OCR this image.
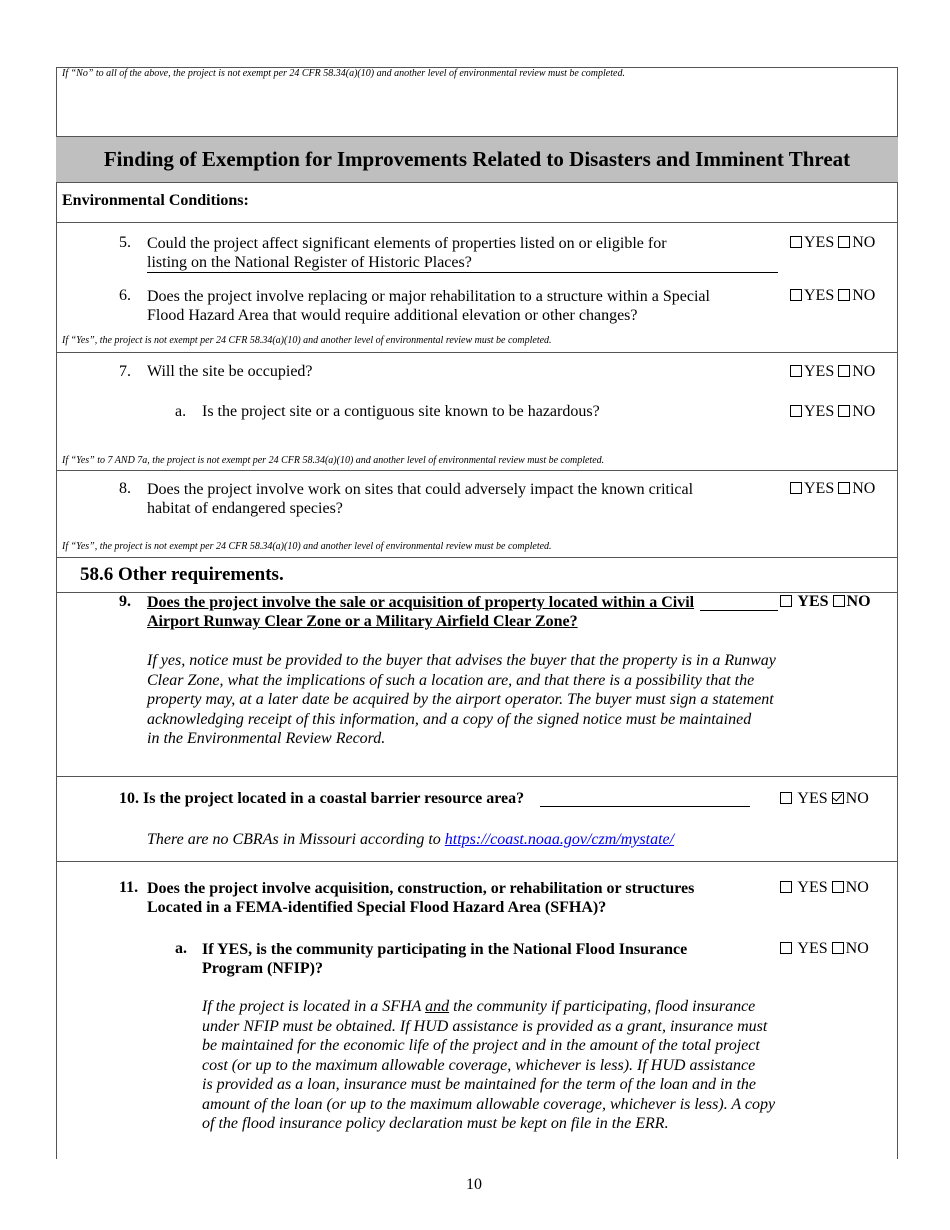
If “No” to all of the above, the project is not exempt per 24 CFR 58.34(a)(10) and another level of environmental review must be completed.
Finding of Exemption for Improvements Related to Disasters and Imminent Threat
Environmental Conditions:
5. Could the project affect significant elements of properties listed on or eligible for
listing on the National Register of Historic Places?
YES NO
6. Does the project involve replacing or major rehabilitation to a structure within a Special
Flood Hazard Area that would require additional elevation or other changes?
YES NO
If “Yes”, the project is not exempt per 24 CFR 58.34(a)(10) and another level of environmental review must be completed.
7. Will the site be occupied?	YES NO
a. Is the project site or a contiguous site known to be hazardous?	YES NO
If “Yes” to 7 AND 7a, the project is not exempt per 24 CFR 58.34(a)(10) and another level of environmental review must be completed.
8. Does the project involve work on sites that could adversely impact the known critical
habitat of endangered species?
YES NO
If “Yes”, the project is not exempt per 24 CFR 58.34(a)(10) and another level of environmental review must be completed.
58.6 Other requirements.
9. Does the project involve the sale or acquisition of property located within a Civil
Airport Runway Clear Zone or a Military Airfield Clear Zone?
YES NO
If yes, notice must be provided to the buyer that advises the buyer that the property is in a Runway
Clear Zone, what the implications of such a location are, and that there is a possibility that the
property may, at a later date be acquired by the airport operator. The buyer must sign a statement
acknowledging receipt of this information, and a copy of the signed notice must be maintained
in the Environmental Review Record.
10. Is the project located in a coastal barrier resource area?	YES NO
There are no CBRAs in Missouri according to https://coast.noaa.gov/czm/mystate/
11. Does the project involve acquisition, construction, or rehabilitation or structures
Located in a FEMA-identified Special Flood Hazard Area (SFHA)?
YES NO
a. If YES, is the community participating in the National Flood Insurance
Program (NFIP)?
YES NO
If the project is located in a SFHA and the community if participating, flood insurance
under NFIP must be obtained. If HUD assistance is provided as a grant, insurance must
be maintained for the economic life of the project and in the amount of the total project
cost (or up to the maximum allowable coverage, whichever is less). If HUD assistance
is provided as a loan, insurance must be maintained for the term of the loan and in the
amount of the loan (or up to the maximum allowable coverage, whichever is less). A copy
of the flood insurance policy declaration must be kept on file in the ERR.
10
